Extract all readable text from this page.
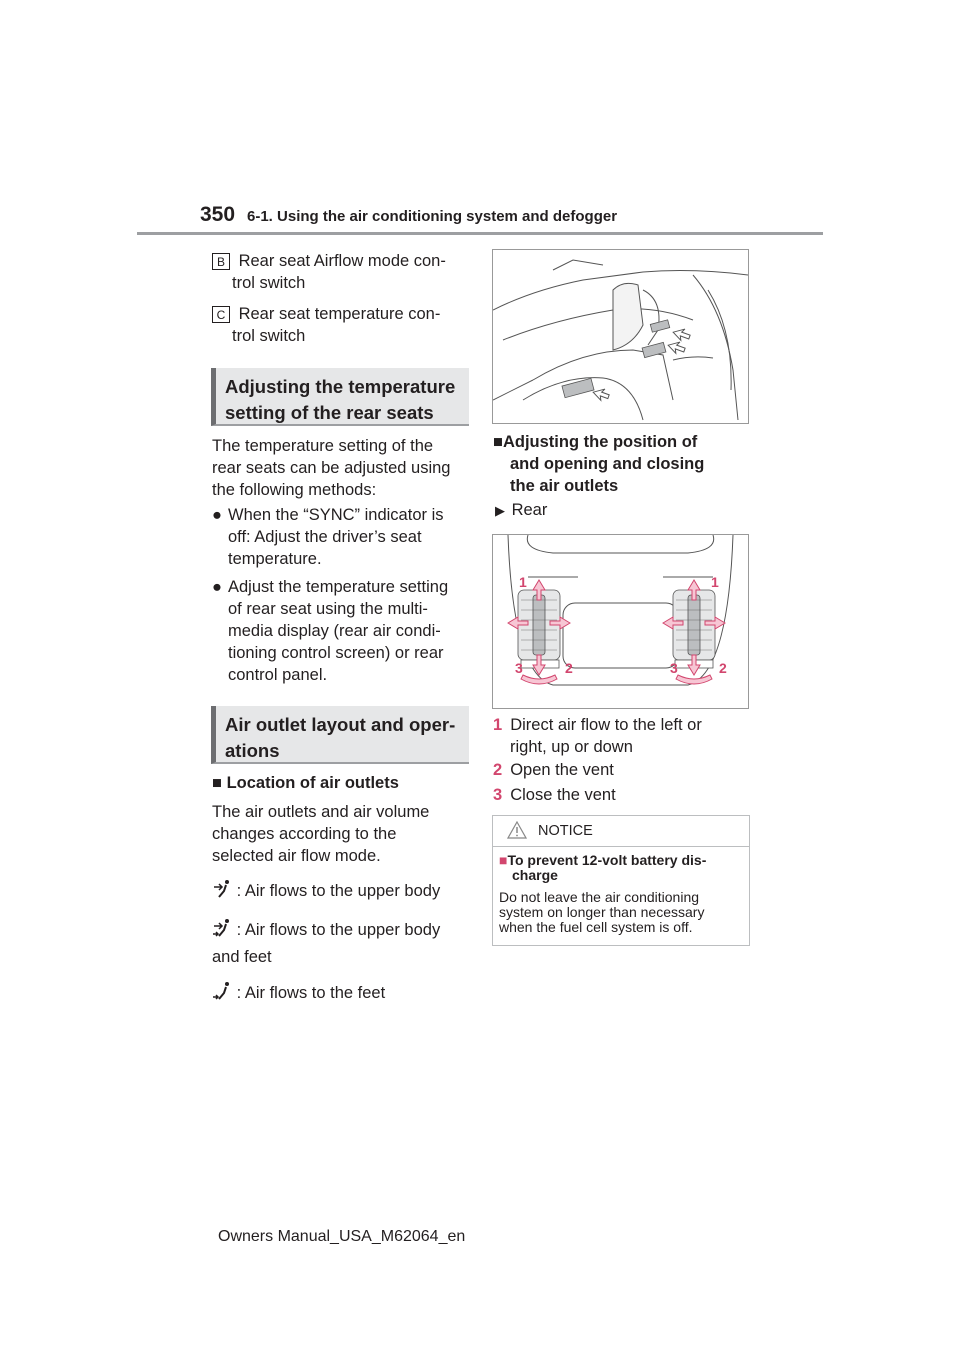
350 6-1. Using the air conditioning system and defogger
B Rear seat Airflow mode con-
trol switch
C Rear seat temperature con-
trol switch
Adjusting the temperature
setting of the rear seats
The temperature setting of the
rear seats can be adjusted using
the following methods:
● When the “SYNC” indicator is
off: Adjust the driver’s seat
temperature.
● Adjust the temperature setting
of rear seat using the multi-
media display (rear air condi-
tioning control screen) or rear
control panel.
Air outlet layout and oper-
ations
■ Location of air outlets
The air outlets and air volume
changes according to the
selected air flow mode.
: Air flows to the upper body
: Air flows to the upper body
and feet
: Air flows to the feet
■Adjusting the position of
and opening and closing
the air outlets
▶ Rear
1	1
3	2	3	2
1 Direct air flow to the left or
right, up or down
2 Open the vent
3 Close the vent
NOTICE
■To prevent 12-volt battery dis-
charge
Do not leave the air conditioning
system on longer than necessary
when the fuel cell system is off.
Owners Manual_USA_M62064_en
